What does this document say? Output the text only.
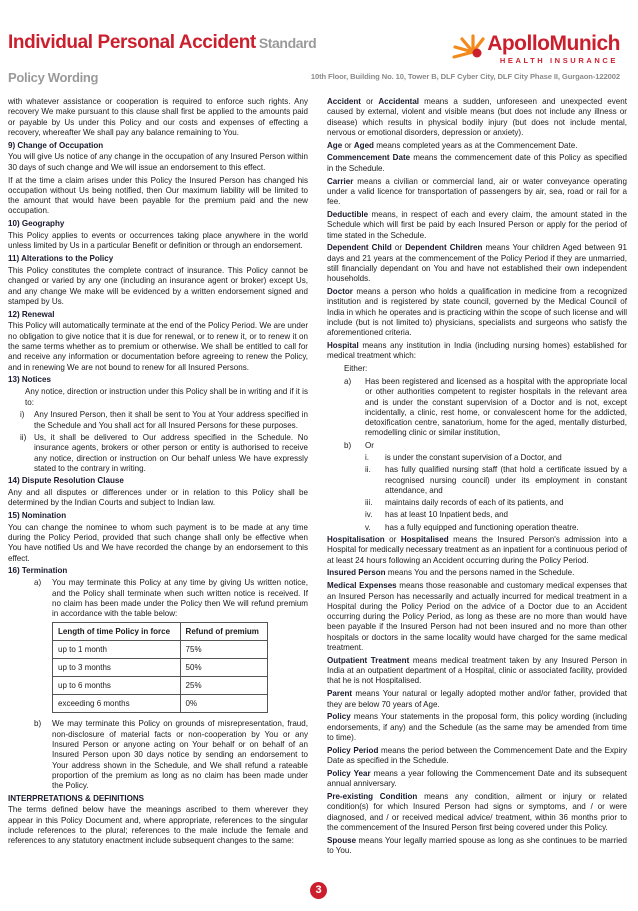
Individual Personal Accident Standard
Policy Wording
ApolloMunich
HEALTH INSURANCE
10th Floor, Building No. 10, Tower B, DLF Cyber City, DLF City Phase II, Gurgaon-122002

with whatever assistance or cooperation is required to enforce such rights. Any recovery We make pursuant to this clause shall first be applied to the amounts paid or payable by Us under this Policy and our costs and expenses of effecting a recovery, whereafter We shall pay any balance remaining to You.

9) Change of Occupation

You will give Us notice of any change in the occupation of any Insured Person within 30 days of such change and We will issue an endorsement to this effect.

If at the time a claim arises under this Policy the Insured Person has changed his occupation without Us being notified, then Our maximum liability will be limited to the amount that would have been payable for the premium paid and the new occupation.

10) Geography

This Policy applies to events or occurrences taking place anywhere in the world unless limited by Us in a particular Benefit or definition or through an endorsement.

11) Alterations to the Policy

This Policy constitutes the complete contract of insurance. This Policy cannot be changed or varied by any one (including an insurance agent or broker) except Us, and any change We make will be evidenced by a written endorsement signed and stamped by Us.

12) Renewal

This Policy will automatically terminate at the end of the Policy Period. We are under no obligation to give notice that it is due for renewal, or to renew it, or to renew it on the same terms whether as to premium or otherwise. We shall be entitled to call for and receive any information or documentation before agreeing to renew the Policy, and in renewing We are not bound to renew for all Insured Persons.

13) Notices

Any notice, direction or instruction under this Policy shall be in writing and if it is to:

i) Any Insured Person, then it shall be sent to You at Your address specified in the Schedule and You shall act for all Insured Persons for these purposes.
ii) Us, it shall be delivered to Our address specified in the Schedule. No insurance agents, brokers or other person or entity is authorised to receive any notice, direction or instruction on Our behalf unless We have expressly stated to the contrary in writing.
14) Dispute Resolution Clause

Any and all disputes or differences under or in relation to this Policy shall be determined by the Indian Courts and subject to Indian law.

15) Nomination

You can change the nominee to whom such payment is to be made at any time during the Policy Period, provided that such change shall only be effective when You have notified Us and We have recorded the change by an endorsement to this effect.

16) Termination
a) You may terminate this Policy at any time by giving Us written notice, and the Policy shall terminate when such written notice is received. If no claim has been made under the Policy then We will refund premium in accordance with the table below:
Length of time Policy in force	Refund of premium
up to 1 month	75%
up to 3 months	50%
up to 6 months	25%
exceeding 6 months	0%
b) We may terminate this Policy on grounds of misrepresentation, fraud, non-disclosure of material facts or non-cooperation by You or any Insured Person or anyone acting on Your behalf or on behalf of an Insured Person upon 30 days notice by sending an endorsement to Your address shown in the Schedule, and We shall refund a rateable proportion of the premium as long as no claim has been made under the Policy.
INTERPRETATIONS & DEFINITIONS

The terms defined below have the meanings ascribed to them wherever they appear in this Policy Document and, where appropriate, references to the singular include references to the plural; references to the male include the female and references to any statutory enactment include subsequent changes to the same:

Accident or Accidental means a sudden, unforeseen and unexpected event caused by external, violent and visible means (but does not include any illness or disease) which results in physical bodily injury (but does not include mental, nervous or emotional disorders, depression or anxiety).

Age or Aged means completed years as at the Commencement Date.

Commencement Date means the commencement date of this Policy as specified in the Schedule.

Carrier means a civilian or commercial land, air or water conveyance operating under a valid licence for transportation of passengers by air, sea, road or rail for a fee.

Deductible means, in respect of each and every claim, the amount stated in the Schedule which will first be paid by each Insured Person or apply for the period of time stated in the Schedule.

Dependent Child or Dependent Children means Your children Aged between 91 days and 21 years at the commencement of the Policy Period if they are unmarried, still financially dependant on You and have not established their own independent households.

Doctor means a person who holds a qualification in medicine from a recognized institution and is registered by state council, governed by the Medical Council of India in which he operates and is practicing within the scope of such license and will include (but is not limited to) physicians, specialists and surgeons who satisfy the aforementioned criteria.

Hospital means any institution in India (including nursing homes) established for medical treatment which:

Either:

a) Has been registered and licensed as a hospital with the appropriate local or other authorities competent to register hospitals in the relevant area and is under the constant supervision of a Doctor and is not, except incidentally, a clinic, rest home, or convalescent home for the addicted, detoxification centre, sanatorium, home for the aged, mentally disturbed, remodelling clinic or similar institution,
b) Or
i. is under the constant supervision of a Doctor, and
ii. has fully qualified nursing staff (that hold a certificate issued by a recognised nursing council) under its employment in constant attendance, and
iii. maintains daily records of each of its patients, and
iv. has at least 10 Inpatient beds, and
v. has a fully equipped and functioning operation theatre.

Hospitalisation or Hospitalised means the Insured Person's admission into a Hospital for medically necessary treatment as an inpatient for a continuous period of at least 24 hours following an Accident occurring during the Policy Period.

Insured Person means You and the persons named in the Schedule.

Medical Expenses means those reasonable and customary medical expenses that an Insured Person has necessarily and actually incurred for medical treatment in a Hospital during the Policy Period on the advice of a Doctor due to an Accident occurring during the Policy Period, as long as these are no more than would have been payable if the Insured Person had not been insured and no more than other hospitals or doctors in the same locality would have charged for the same medical treatment.

Outpatient Treatment means medical treatment taken by any Insured Person in India at an outpatient department of a Hospital, clinic or associated facility, provided that he is not Hospitalised.

Parent means Your natural or legally adopted mother and/or father, provided that they are below 70 years of Age.

Policy means Your statements in the proposal form, this policy wording (including endorsements, if any) and the Schedule (as the same may be amended from time to time).

Policy Period means the period between the Commencement Date and the Expiry Date as specified in the Schedule.

Policy Year means a year following the Commencement Date and its subsequent annual anniversary.

Pre-existing Condition means any condition, ailment or injury or related condition(s) for which Insured Person had signs or symptoms, and / or were diagnosed, and / or received medical advice/ treatment, within 36 months prior to the commencement of the Insured Person first being covered under this Policy.

Spouse means Your legally married spouse as long as she continues to be married to You.

3
